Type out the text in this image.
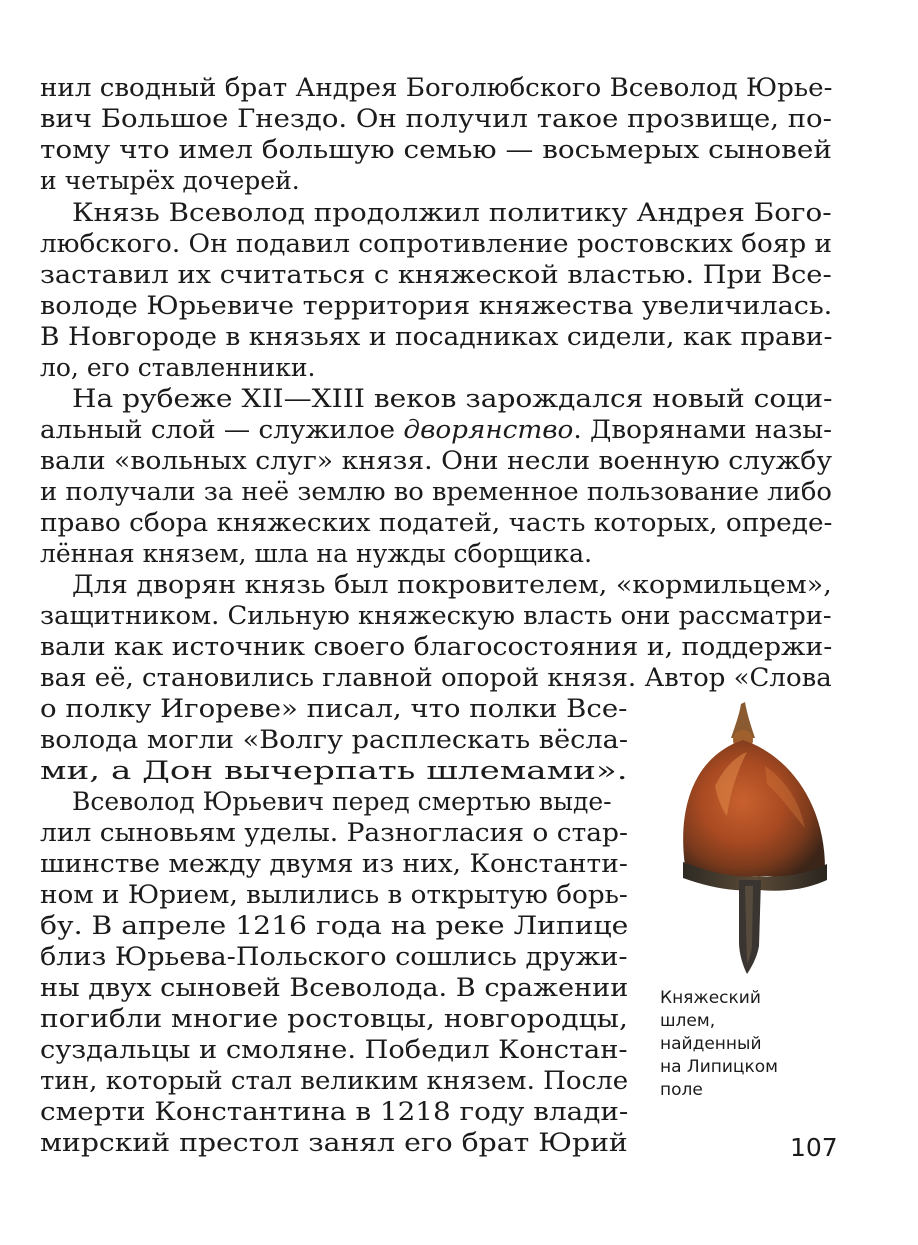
нил сводный брат Андрея Боголюбского Всеволод Юрье-
вич Большое Гнездо. Он получил такое прозвище, по-
тому что имел большую семью — восьмерых сыновей
и четырёх дочерей.
Князь Всеволод продолжил политику Андрея Бого-
любского. Он подавил сопротивление ростовских бояр и
заставил их считаться с княжеской властью. При Все-
володе Юрьевиче территория княжества увеличилась.
В Новгороде в князьях и посадниках сидели, как прави-
ло, его ставленники.
На рубеже XII—XIII веков зарождался новый соци-
альный слой — служилое дворянство. Дворянами назы-
вали «вольных слуг» князя. Они несли военную службу
и получали за неё землю во временное пользование либо
право сбора княжеских податей, часть которых, опреде-
лённая князем, шла на нужды сборщика.
Для дворян князь был покровителем, «кормильцем»,
защитником. Сильную княжескую власть они рассматри-
вали как источник своего благосостояния и, поддержи-
вая её, становились главной опорой князя. Автор «Слова
о полку Игореве» писал, что полки Все-
волода могли «Волгу расплескать вёсла-
ми, а Дон вычерпать шлемами».
Всеволод Юрьевич перед смертью выде-
лил сыновьям уделы. Разногласия о стар-
шинстве между двумя из них, Константи-
ном и Юрием, вылились в открытую борь-
бу. В апреле 1216 года на реке Липице
близ Юрьева-Польского сошлись дружи-
ны двух сыновей Всеволода. В сражении
погибли многие ростовцы, новгородцы,
суздальцы и смоляне. Победил Констан-
тин, который стал великим князем. После
смерти Константина в 1218 году влади-
мирский престол занял его брат Юрий
Княжеский
шлем,
найденный
на Липицком
поле
107
